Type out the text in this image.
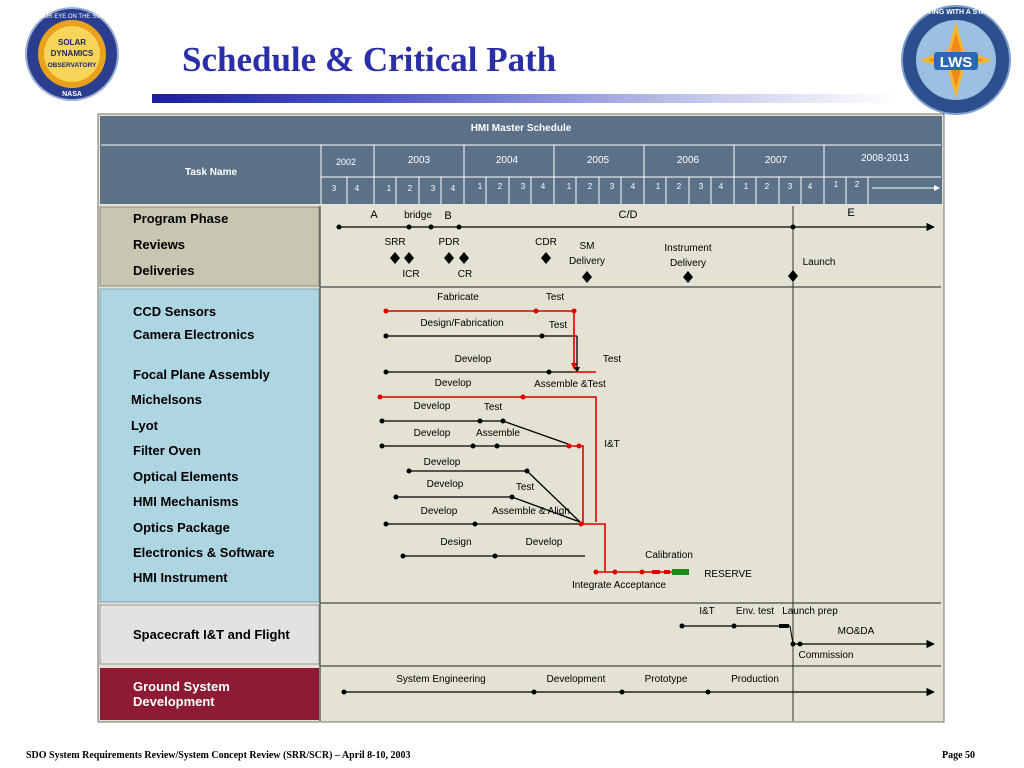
SOLAR
DYNAMICS
OBSERVATORY
OUR EYE ON THE SUN
NASA
LWS
LIVING WITH A STAR
Schedule & Critical Path
HMI Master Schedule
Task Name
2002	2003	2004	2005	2006	2007	2008-2013
3 4	1 2 3 4	1 2 3 4	1 2 3 4	1 2 3 4	1 2 3 4	1 2
Program Phase
Reviews
Deliveries
CCD Sensors
Camera Electronics
Focal Plane Assembly
Michelsons
Lyot
Filter Oven
Optical Elements
HMI Mechanisms
Optics Package
Electronics & Software
HMI Instrument
Spacecraft I&T and Flight
Ground System
Development
A	bridge B	C/D	E
SRR	PDR	CDR
ICR	CR
SM
Delivery
Instrument
Delivery	Launch
Fabricate	Test
Design/Fabrication	Test
Develop	Test
Develop	Assemble &Test
Develop	Test
Develop	Assemble
I&T
Develop
Develop	Test
Develop	Assemble & Align
Design	Develop
Calibration
RESERVE
Integrate Acceptance
I&T Env. test Launch prep
MO&DA
Commission
System Engineering	Development	Prototype	Production
SDO System Requirements Review/System Concept Review (SRR/SCR) – April 8-10, 2003	Page 50
